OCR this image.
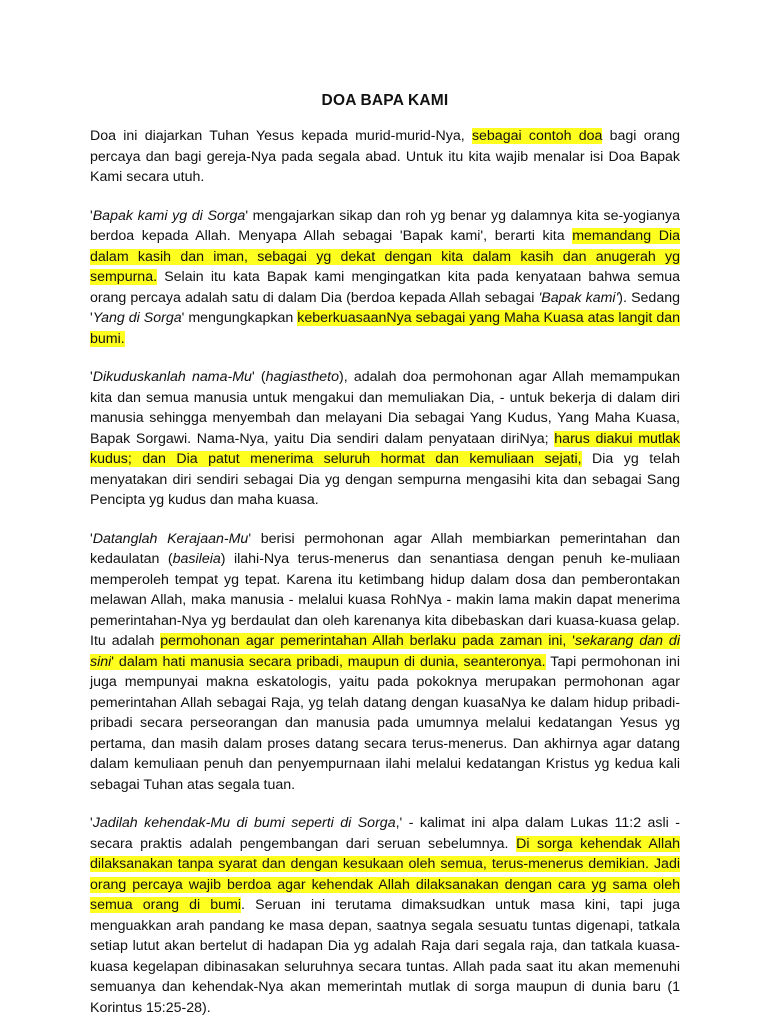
DOA BAPA KAMI

Doa ini diajarkan Tuhan Yesus kepada murid-murid-Nya, sebagai contoh doa bagi orang percaya dan bagi gereja-Nya pada segala abad. Untuk itu kita wajib menalar isi Doa Bapak Kami secara utuh.

'Bapak kami yg di Sorga' mengajarkan sikap dan roh yg benar yg dalamnya kita se-yogianya berdoa kepada Allah. Menyapa Allah sebagai 'Bapak kami', berarti kita memandang Dia dalam kasih dan iman, sebagai yg dekat dengan kita dalam kasih dan anugerah yg sempurna. Selain itu kata Bapak kami mengingatkan kita pada kenyataan bahwa semua orang percaya adalah satu di dalam Dia (berdoa kepada Allah sebagai 'Bapak kami'). Sedang 'Yang di Sorga' mengungkapkan keberkuasaanNya sebagai yang Maha Kuasa atas langit dan bumi.

'Dikuduskanlah nama-Mu' (hagiastheto), adalah doa permohonan agar Allah memampukan kita dan semua manusia untuk mengakui dan memuliakan Dia, - untuk bekerja di dalam diri manusia sehingga menyembah dan melayani Dia sebagai Yang Kudus, Yang Maha Kuasa, Bapak Sorgawi. Nama-Nya, yaitu Dia sendiri dalam penyataan diriNya; harus diakui mutlak kudus; dan Dia patut menerima seluruh hormat dan kemuliaan sejati, Dia yg telah menyatakan diri sendiri sebagai Dia yg dengan sempurna mengasihi kita dan sebagai Sang Pencipta yg kudus dan maha kuasa.

'Datanglah Kerajaan-Mu' berisi permohonan agar Allah membiarkan pemerintahan dan kedaulatan (basileia) ilahi-Nya terus-menerus dan senantiasa dengan penuh ke-muliaan memperoleh tempat yg tepat. Karena itu ketimbang hidup dalam dosa dan pemberontakan melawan Allah, maka manusia - melalui kuasa RohNya - makin lama makin dapat menerima pemerintahan-Nya yg berdaulat dan oleh karenanya kita dibebaskan dari kuasa-kuasa gelap. Itu adalah permohonan agar pemerintahan Allah berlaku pada zaman ini, 'sekarang dan di sini' dalam hati manusia secara pribadi, maupun di dunia, seanteronya. Tapi permohonan ini juga mempunyai makna eskatologis, yaitu pada pokoknya merupakan permohonan agar pemerintahan Allah sebagai Raja, yg telah datang dengan kuasaNya ke dalam hidup pribadi-pribadi secara perseorangan dan manusia pada umumnya melalui kedatangan Yesus yg pertama, dan masih dalam proses datang secara terus-menerus. Dan akhirnya agar datang dalam kemuliaan penuh dan penyempurnaan ilahi melalui kedatangan Kristus yg kedua kali sebagai Tuhan atas segala tuan.

'Jadilah kehendak-Mu di bumi seperti di Sorga,' - kalimat ini alpa dalam Lukas 11:2 asli - secara praktis adalah pengembangan dari seruan sebelumnya. Di sorga kehendak Allah dilaksanakan tanpa syarat dan dengan kesukaan oleh semua, terus-menerus demikian. Jadi orang percaya wajib berdoa agar kehendak Allah dilaksanakan dengan cara yg sama oleh semua orang di bumi. Seruan ini terutama dimaksudkan untuk masa kini, tapi juga menguakkan arah pandang ke masa depan, saatnya segala sesuatu tuntas digenapi, tatkala setiap lutut akan bertelut di hadapan Dia yg adalah Raja dari segala raja, dan tatkala kuasa-kuasa kegelapan dibinasakan seluruhnya secara tuntas. Allah pada saat itu akan memenuhi semuanya dan kehendak-Nya akan memerintah mutlak di sorga maupun di dunia baru (1 Korintus 15:25-28).
